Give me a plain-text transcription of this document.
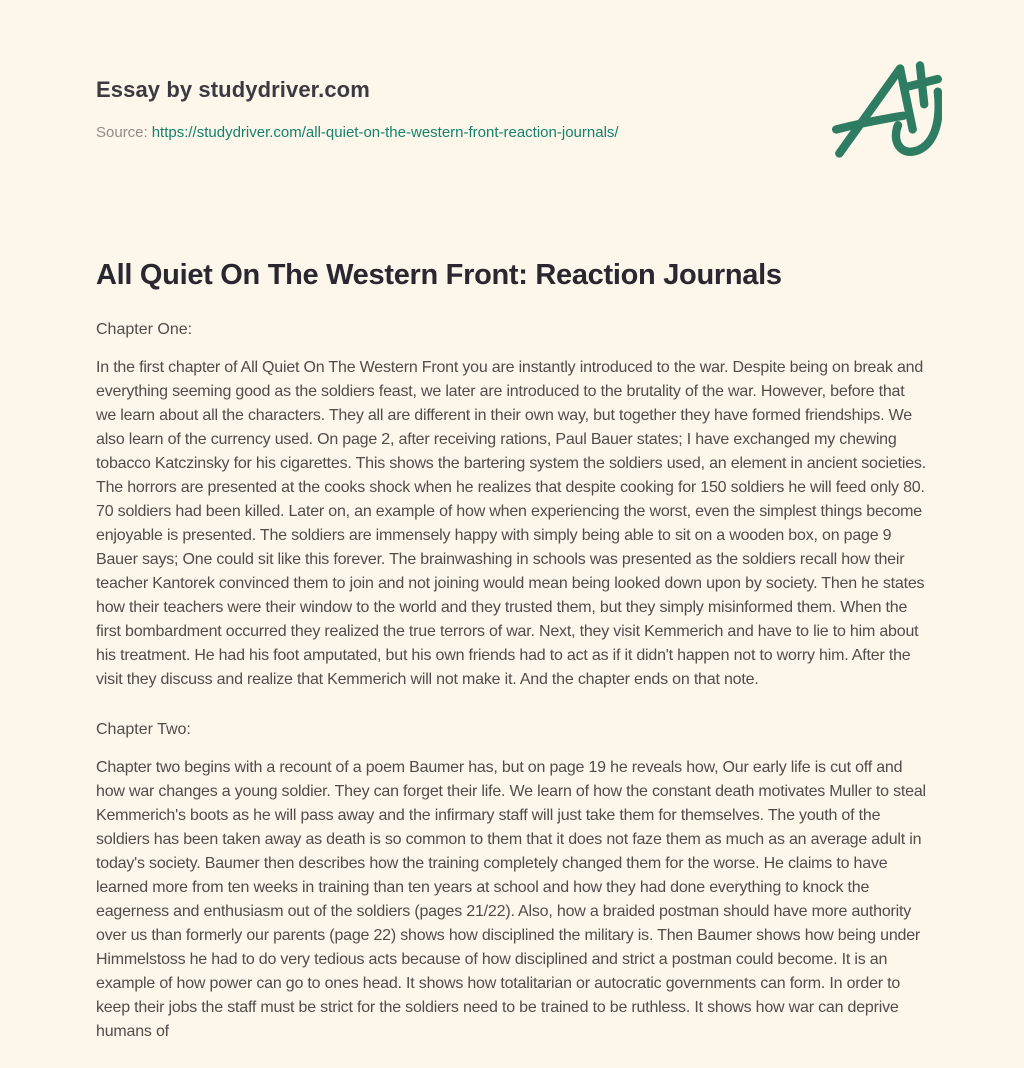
Essay by studydriver.com
Source: https://studydriver.com/all-quiet-on-the-western-front-reaction-journals/
All Quiet On The Western Front: Reaction Journals
Chapter One:

In the first chapter of All Quiet On The Western Front you are instantly introduced to the war. Despite being on break and everything seeming good as the soldiers feast, we later are introduced to the brutality of the war. However, before that we learn about all the characters. They all are different in their own way, but together they have formed friendships. We also learn of the currency used. On page 2, after receiving rations, Paul Bauer states; I have exchanged my chewing tobacco Katczinsky for his cigarettes. This shows the bartering system the soldiers used, an element in ancient societies. The horrors are presented at the cooks shock when he realizes that despite cooking for 150 soldiers he will feed only 80. 70 soldiers had been killed. Later on, an example of how when experiencing the worst, even the simplest things become enjoyable is presented. The soldiers are immensely happy with simply being able to sit on a wooden box, on page 9 Bauer says; One could sit like this forever. The brainwashing in schools was presented as the soldiers recall how their teacher Kantorek convinced them to join and not joining would mean being looked down upon by society. Then he states how their teachers were their window to the world and they trusted them, but they simply misinformed them. When the first bombardment occurred they realized the true terrors of war. Next, they visit Kemmerich and have to lie to him about his treatment. He had his foot amputated, but his own friends had to act as if it didn't happen not to worry him. After the visit they discuss and realize that Kemmerich will not make it. And the chapter ends on that note.

Chapter Two:

Chapter two begins with a recount of a poem Baumer has, but on page 19 he reveals how, Our early life is cut off and how war changes a young soldier. They can forget their life. We learn of how the constant death motivates Muller to steal Kemmerich's boots as he will pass away and the infirmary staff will just take them for themselves. The youth of the soldiers has been taken away as death is so common to them that it does not faze them as much as an average adult in today's society. Baumer then describes how the training completely changed them for the worse. He claims to have learned more from ten weeks in training than ten years at school and how they had done everything to knock the eagerness and enthusiasm out of the soldiers (pages 21/22). Also, how a braided postman should have more authority over us than formerly our parents (page 22) shows how disciplined the military is. Then Baumer shows how being under Himmelstoss he had to do very tedious acts because of how disciplined and strict a postman could become. It is an example of how power can go to ones head. It shows how totalitarian or autocratic governments can form. In order to keep their jobs the staff must be strict for the soldiers need to be trained to be ruthless. It shows how war can deprive humans of
